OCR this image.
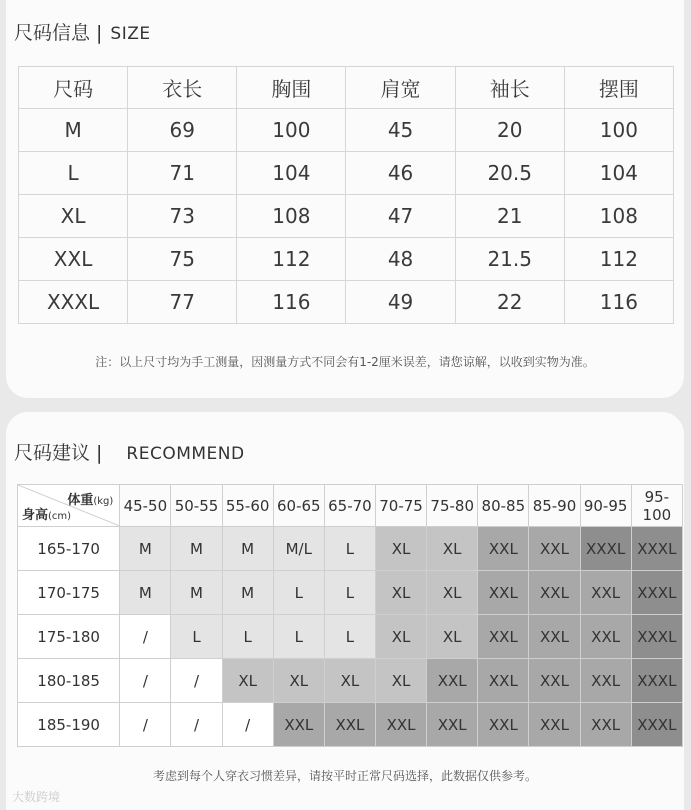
尺码信息 | SIZE
尺码	衣长	胸围	肩宽	袖长	摆围
M	69	100	45	20	100
L	71	104	46	20.5	104
XL	73	108	47	21	108
XXL	75	112	48	21.5	112
XXXL	77	116	49	22	116
注：以上尺寸均为手工测量，因测量方式不同会有1-2厘米误差，请您谅解，以收到实物为准。
尺码建议 | RECOMMEND
体重(kg)
身高(cm)	45-50	50-55	55-60	60-65	65-70	70-75	75-80	80-85	85-90	90-95	95-100
165-170	M	M	M	M/L	L	XL	XL	XXL	XXL	XXXL	XXXL
170-175	M	M	M	L	L	XL	XL	XXL	XXL	XXL	XXXL
175-180	/	L	L	L	L	XL	XL	XXL	XXL	XXL	XXXL
180-185	/	/	XL	XL	XL	XL	XXL	XXL	XXL	XXL	XXXL
185-190	/	/	/	XXL	XXL	XXL	XXL	XXL	XXL	XXL	XXXL
考虑到每个人穿衣习惯差异，请按平时正常尺码选择，此数据仅供参考。
大数跨境
